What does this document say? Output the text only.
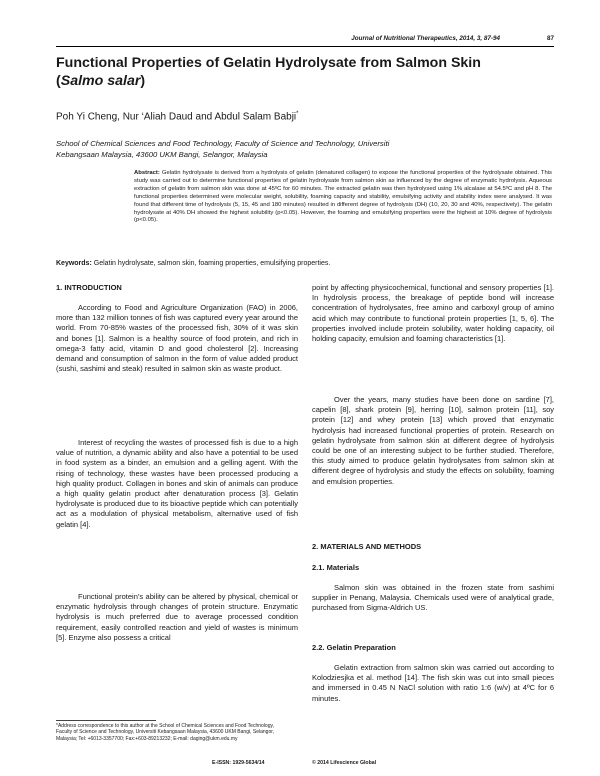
Journal of Nutritional Therapeutics, 2014, 3, 87-94	87
Functional Properties of Gelatin Hydrolysate from Salmon Skin
(Salmo salar)
Poh Yi Cheng, Nur ‘Aliah Daud and Abdul Salam Babji*
School of Chemical Sciences and Food Technology, Faculty of Science and Technology, Universiti
Kebangsaan Malaysia, 43600 UKM Bangi, Selangor, Malaysia
Abstract: Gelatin hydrolysate is derived from a hydrolysis of gelatin (denatured collagen) to expose the functional properties of the hydrolysate obtained. This study was carried out to determine functional properties of gelatin hydrolysate from salmon skin as influenced by the degree of enzymatic hydrolysis. Aqueous extraction of gelatin from salmon skin was done at 45ºC for 60 minutes. The extracted gelatin was then hydrolysed using 1% alcalase at 54.5ºC and pH 8. The functional properties determined were molecular weight, solubility, foaming capacity and stability, emulsifying activity and stability index were analysed. It was found that different time of hydrolysis (5, 15, 45 and 180 minutes) resulted in different degree of hydrolysis (DH) (10, 20, 30 and 40%, respectively). The gelatin hydrolysate at 40% DH showed the highest solubility (p<0.05). However, the foaming and emulsifying properties were the highest at 10% degree of hydrolysis (p<0.05).
Keywords: Gelatin hydrolysate, salmon skin, foaming properties, emulsifying properties.
1. INTRODUCTION

According to Food and Agriculture Organization (FAO) in 2006, more than 132 million tonnes of fish was captured every year around the world. From 70-85% wastes of the processed fish, 30% of it was skin and bones [1]. Salmon is a healthy source of food protein, and rich in omega-3 fatty acid, vitamin D and good cholesterol [2]. Increasing demand and consumption of salmon in the form of value added product (sushi, sashimi and steak) resulted in salmon skin as waste product.

Interest of recycling the wastes of processed fish is due to a high value of nutrition, a dynamic ability and also have a potential to be used in food system as a binder, an emulsion and a gelling agent. With the rising of technology, these wastes have been processed producing a high quality product. Collagen in bones and skin of animals can produce a high quality gelatin product after denaturation process [3]. Gelatin hydrolysate is produced due to its bioactive peptide which can potentially act as a modulation of physical metabolism, alternative used of fish gelatin [4].

Functional protein’s ability can be altered by physical, chemical or enzymatic hydrolysis through changes of protein structure. Enzymatic hydrolysis is much preferred due to average processed condition requirement, easily controlled reaction and yield of wastes is minimum [5]. Enzyme also possess a critical

point by affecting physicochemical, functional and sensory properties [1]. In hydrolysis process, the breakage of peptide bond will increase concentration of hydrolysates, free amino and carboxyl group of amino acid which may contribute to functional protein properties [1, 5, 6]. The properties involved include protein solubility, water holding capacity, oil holding capacity, emulsion and foaming characteristics [1].

Over the years, many studies have been done on sardine [7], capelin [8], shark protein [9], herring [10], salmon protein [11], soy protein [12] and whey protein [13] which proved that enzymatic hydrolysis had increased functional properties of protein. Research on gelatin hydrolysate from salmon skin at different degree of hydrolysis could be one of an interesting subject to be further studied. Therefore, this study aimed to produce gelatin hydrolysates from salmon skin at different degree of hydrolysis and study the effects on solubility, foaming and emulsion properties.

2. MATERIALS AND METHODS
2.1. Materials

Salmon skin was obtained in the frozen state from sashimi supplier in Penang, Malaysia. Chemicals used were of analytical grade, purchased from Sigma-Aldrich US.

2.2. Gelatin Preparation

Gelatin extraction from salmon skin was carried out according to Kolodziesjka et al. method [14]. The fish skin was cut into small pieces and immersed in 0.45 N NaCl solution with ratio 1:6 (w/v) at 4ºC for 6 minutes.

*Address correspondence to this author at the School of Chemical Sciences and Food Technology, Faculty of Science and Technology, Universiti Kebangsaan Malaysia, 43600 UKM Bangi, Selangor, Malaysia; Tel: +6013-3357700; Fax:+603-89213232; E-mail: daging@ukm.edu.my
E-ISSN: 1929-5634/14	© 2014 Lifescience Global
